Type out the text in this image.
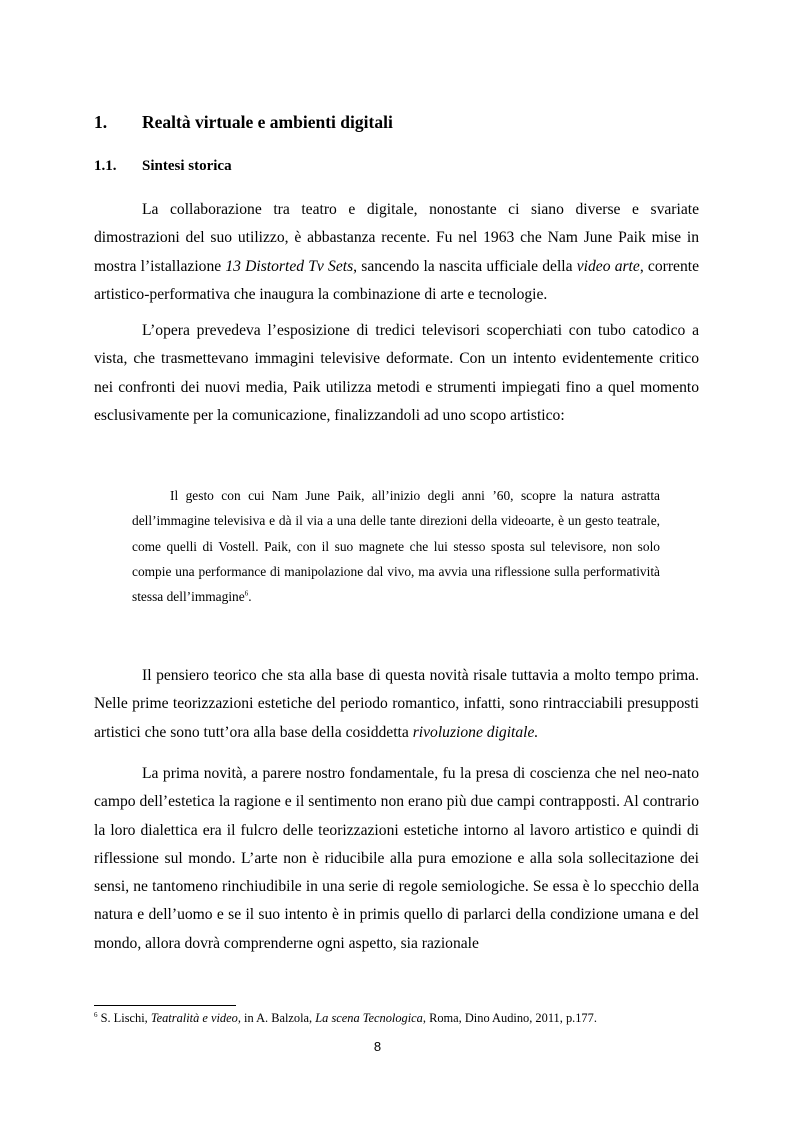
1. Realtà virtuale e ambienti digitali
1.1. Sintesi storica

La collaborazione tra teatro e digitale, nonostante ci siano diverse e svariate dimostrazioni del suo utilizzo, è abbastanza recente. Fu nel 1963 che Nam June Paik mise in mostra l’istallazione 13 Distorted Tv Sets, sancendo la nascita ufficiale della video arte, corrente artistico-performativa che inaugura la combinazione di arte e tecnologie.

L’opera prevedeva l’esposizione di tredici televisori scoperchiati con tubo catodico a vista, che trasmettevano immagini televisive deformate. Con un intento evidentemente critico nei confronti dei nuovi media, Paik utilizza metodi e strumenti impiegati fino a quel momento esclusivamente per la comunicazione, finalizzandoli ad uno scopo artistico:

Il gesto con cui Nam June Paik, all’inizio degli anni ’60, scopre la natura astratta dell’immagine televisiva e dà il via a una delle tante direzioni della videoarte, è un gesto teatrale, come quelli di Vostell. Paik, con il suo magnete che lui stesso sposta sul televisore, non solo compie una performance di manipolazione dal vivo, ma avvia una riflessione sulla performatività stessa dell’immagine$^6$.

Il pensiero teorico che sta alla base di questa novità risale tuttavia a molto tempo prima. Nelle prime teorizzazioni estetiche del periodo romantico, infatti, sono rintracciabili presupposti artistici che sono tutt’ora alla base della cosiddetta rivoluzione digitale.

La prima novità, a parere nostro fondamentale, fu la presa di coscienza che nel neo-nato campo dell’estetica la ragione e il sentimento non erano più due campi contrapposti. Al contrario la loro dialettica era il fulcro delle teorizzazioni estetiche intorno al lavoro artistico e quindi di riflessione sul mondo. L’arte non è riducibile alla pura emozione e alla sola sollecitazione dei sensi, ne tantomeno rinchiudibile in una serie di regole semiologiche. Se essa è lo specchio della natura e dell’uomo e se il suo intento è in primis quello di parlarci della condizione umana e del mondo, allora dovrà comprenderne ogni aspetto, sia razionale

$^6$ S. Lischi, Teatralità e video, in A. Balzola, La scena Tecnologica, Roma, Dino Audino, 2011, p.177.
8
